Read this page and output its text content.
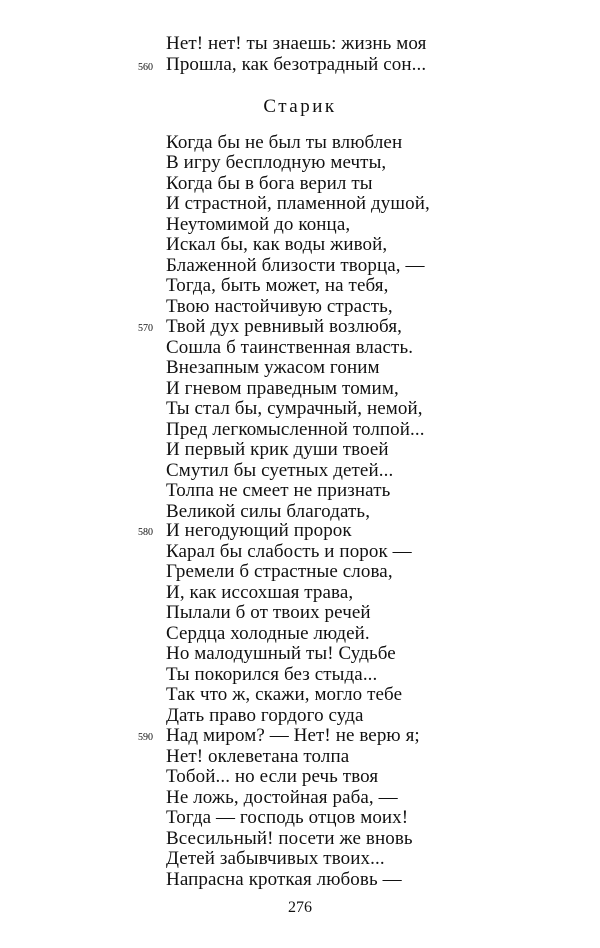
Нет! нет! ты знаешь: жизнь моя
560 Прошла, как безотрадный сон...
Старик
Когда бы не был ты влюблен
В игру бесплодную мечты,
Когда бы в бога верил ты
И страстной, пламенной душой,
Неутомимой до конца,
Искал бы, как воды живой,
Блаженной близости творца, —
Тогда, быть может, на тебя,
Твою настойчивую страсть,
570 Твой дух ревнивый возлюбя,
Сошла б таинственная власть.
Внезапным ужасом гоним
И гневом праведным томим,
Ты стал бы, сумрачный, немой,
Пред легкомысленной толпой...
И первый крик души твоей
Смутил бы суетных детей...
Толпа не смеет не признать
Великой силы благодать,
580 И негодующий пророк
Карал бы слабость и порок —
Гремели б страстные слова,
И, как иссохшая трава,
Пылали б от твоих речей
Сердца холодные людей.
Но малодушный ты! Судьбе
Ты покорился без стыда...
Так что ж, скажи, могло тебе
Дать право гордого суда
590 Над миром? — Нет! не верю я;
Нет! оклеветана толпа
Тобой... но если речь твоя
Не ложь, достойная раба, —
Тогда — господь отцов моих!
Всесильный! посети же вновь
Детей забывчивых твоих...
Напрасна кроткая любовь —
276
